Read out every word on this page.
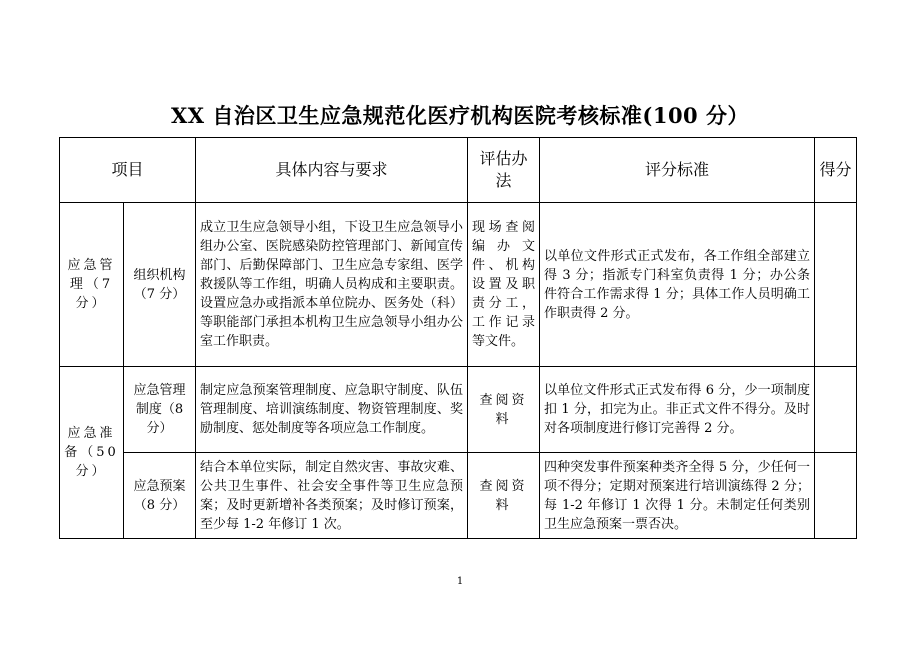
XX 自治区卫生应急规范化医疗机构医院考核标准(100 分）
项目		具体内容与要求	评估办法	评分标准	得分
应急管理（7分）	组织机构（7 分）	成立卫生应急领导小组，下设卫生应急领导小组办公室、医院感染防控管理部门、新闻宣传部门、后勤保障部门、卫生应急专家组、医学救援队等工作组，明确人员构成和主要职责。设置应急办或指派本单位院办、医务处（科）等职能部门承担本机构卫生应急领导小组办公室工作职责。	现场查阅编办文件、机构设置及职责分工，工作记录等文件。	以单位文件形式正式发布，各工作组全部建立得 3 分；指派专门科室负责得 1 分；办公条件符合工作需求得 1 分；具体工作人员明确工作职责得 2 分。	
应急准备（50分）	应急管理制度（8 分）	制定应急预案管理制度、应急职守制度、队伍管理制度、培训演练制度、物资管理制度、奖励制度、惩处制度等各项应急工作制度。	查阅资料	以单位文件形式正式发布得 6 分，少一项制度扣 1 分，扣完为止。非正式文件不得分。及时对各项制度进行修订完善得 2 分。	
	应急预案（8 分）	结合本单位实际，制定自然灾害、事故灾难、公共卫生事件、社会安全事件等卫生应急预案；及时更新增补各类预案；及时修订预案，至少每 1-2 年修订 1 次。	查阅资料	四种突发事件预案种类齐全得 5 分，少任何一项不得分；定期对预案进行培训演练得 2 分；每 1-2 年修订 1 次得 1 分。未制定任何类别卫生应急预案一票否决。	
1
